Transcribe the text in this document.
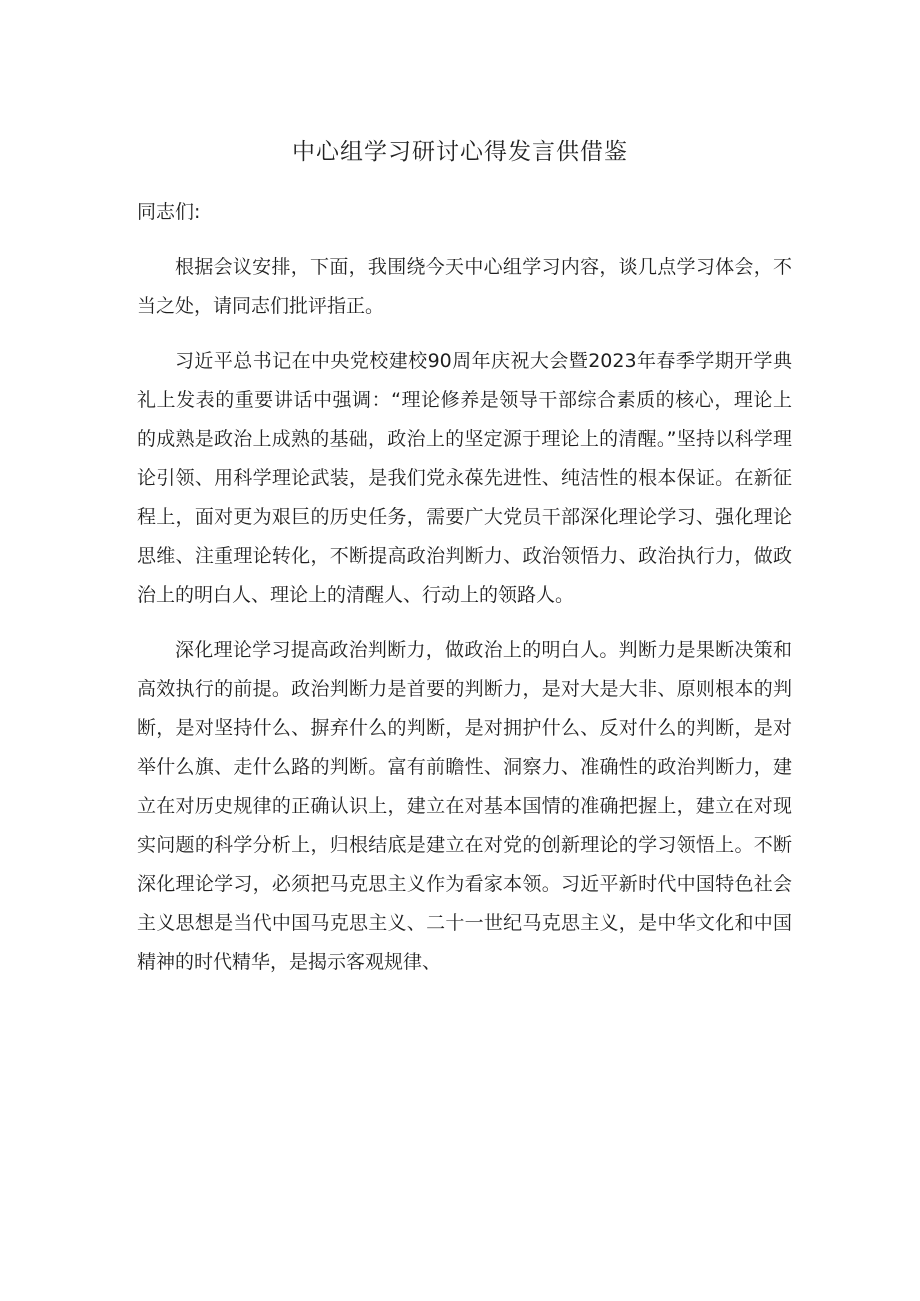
中心组学习研讨心得发言供借鉴

同志们:

根据会议安排，下面，我围绕今天中心组学习内容，谈几点学习体会，不当之处，请同志们批评指正。

习近平总书记在中央党校建校90周年庆祝大会暨2023年春季学期开学典礼上发表的重要讲话中强调：“理论修养是领导干部综合素质的核心，理论上的成熟是政治上成熟的基础，政治上的坚定源于理论上的清醒。”坚持以科学理论引领、用科学理论武装，是我们党永葆先进性、纯洁性的根本保证。在新征程上，面对更为艰巨的历史任务，需要广大党员干部深化理论学习、强化理论思维、注重理论转化，不断提高政治判断力、政治领悟力、政治执行力，做政治上的明白人、理论上的清醒人、行动上的领路人。

深化理论学习提高政治判断力，做政治上的明白人。判断力是果断决策和高效执行的前提。政治判断力是首要的判断力，是对大是大非、原则根本的判断，是对坚持什么、摒弃什么的判断，是对拥护什么、反对什么的判断，是对举什么旗、走什么路的判断。富有前瞻性、洞察力、准确性的政治判断力，建立在对历史规律的正确认识上，建立在对基本国情的准确把握上，建立在对现实问题的科学分析上，归根结底是建立在对党的创新理论的学习领悟上。不断深化理论学习，必须把马克思主义作为看家本领。习近平新时代中国特色社会主义思想是当代中国马克思主义、二十一世纪马克思主义，是中华文化和中国精神的时代精华，是揭示客观规律、
